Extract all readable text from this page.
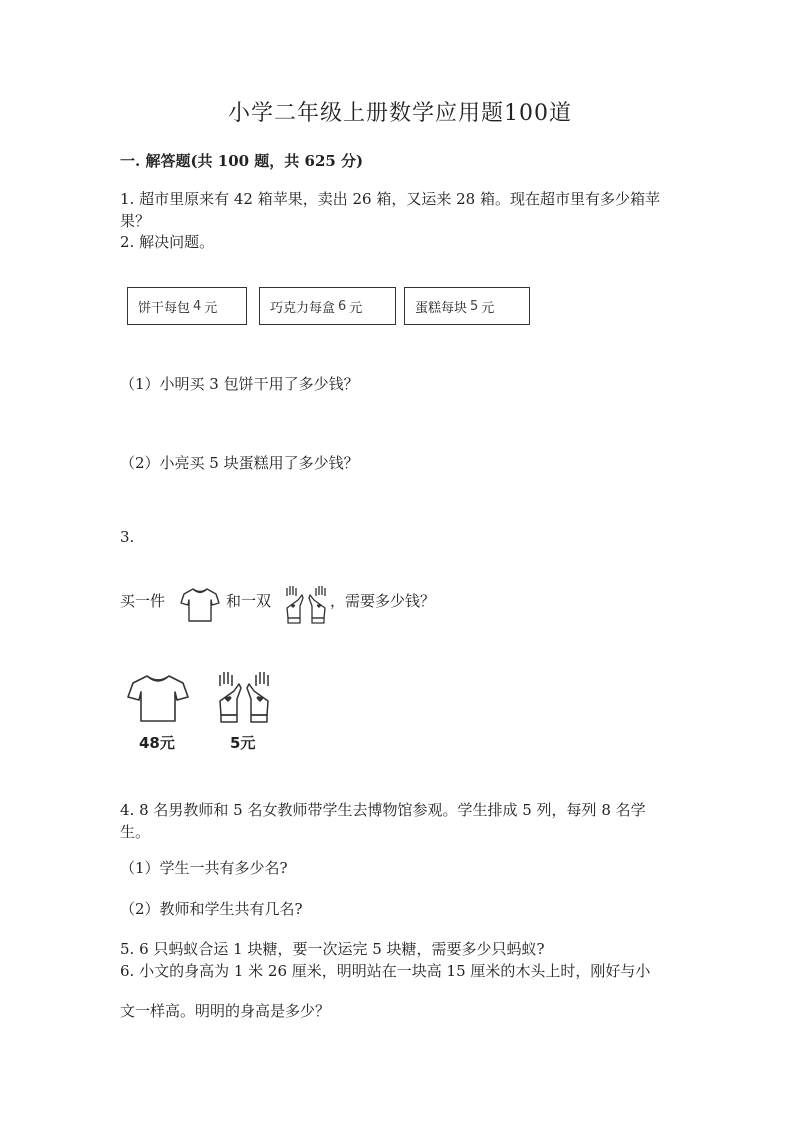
小学二年级上册数学应用题100道
一. 解答题(共 100 题，共 625 分)
1. 超市里原来有 42 箱苹果，卖出 26 箱，又运来 28 箱。现在超市里有多少箱苹
果？
2. 解决问题。
饼干每包 4 元	巧克力每盒 6 元	蛋糕每块 5 元
（1）小明买 3 包饼干用了多少钱？
（2）小亮买 5 块蛋糕用了多少钱？
3.
买一件	和一双	，需要多少钱？
48元	5元
4. 8 名男教师和 5 名女教师带学生去博物馆参观。学生排成 5 列，每列 8 名学
生。
（1）学生一共有多少名?
（2）教师和学生共有几名?
5. 6 只蚂蚁合运 1 块糖，要一次运完 5 块糖，需要多少只蚂蚁?
6. 小文的身高为 1 米 26 厘米，明明站在一块高 15 厘米的木头上时，刚好与小
文一样高。明明的身高是多少？
